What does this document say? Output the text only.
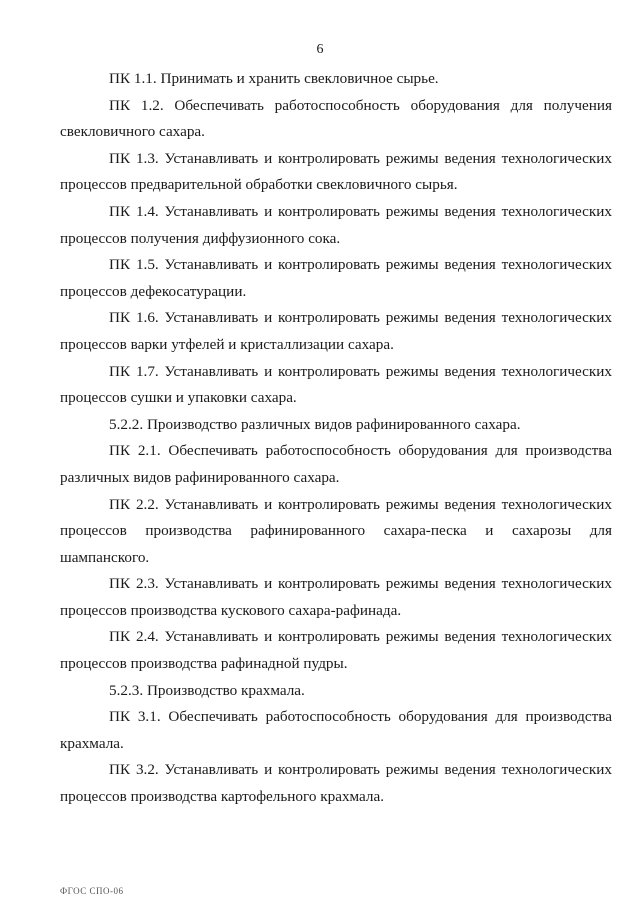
6

ПК 1.1. Принимать и хранить свекловичное сырье.

ПК 1.2. Обеспечивать работоспособность оборудования для получения свекловичного сахара.

ПК 1.3. Устанавливать и контролировать режимы ведения технологических процессов предварительной обработки свекловичного сырья.

ПК 1.4. Устанавливать и контролировать режимы ведения технологических процессов получения диффузионного сока.

ПК 1.5. Устанавливать и контролировать режимы ведения технологических процессов дефекосатурации.

ПК 1.6. Устанавливать и контролировать режимы ведения технологических процессов варки утфелей и кристаллизации сахара.

ПК 1.7. Устанавливать и контролировать режимы ведения технологических процессов сушки и упаковки сахара.

5.2.2. Производство различных видов рафинированного сахара.

ПК 2.1. Обеспечивать работоспособность оборудования для производства различных видов рафинированного сахара.

ПК 2.2. Устанавливать и контролировать режимы ведения технологических процессов производства рафинированного сахара-песка и сахарозы для шампанского.

ПК 2.3. Устанавливать и контролировать режимы ведения технологических процессов производства кускового сахара-рафинада.

ПК 2.4. Устанавливать и контролировать режимы ведения технологических процессов производства рафинадной пудры.

5.2.3. Производство крахмала.

ПК 3.1. Обеспечивать работоспособность оборудования для производства крахмала.

ПК 3.2. Устанавливать и контролировать режимы ведения технологических процессов производства картофельного крахмала.

ФГОС СПО-06
